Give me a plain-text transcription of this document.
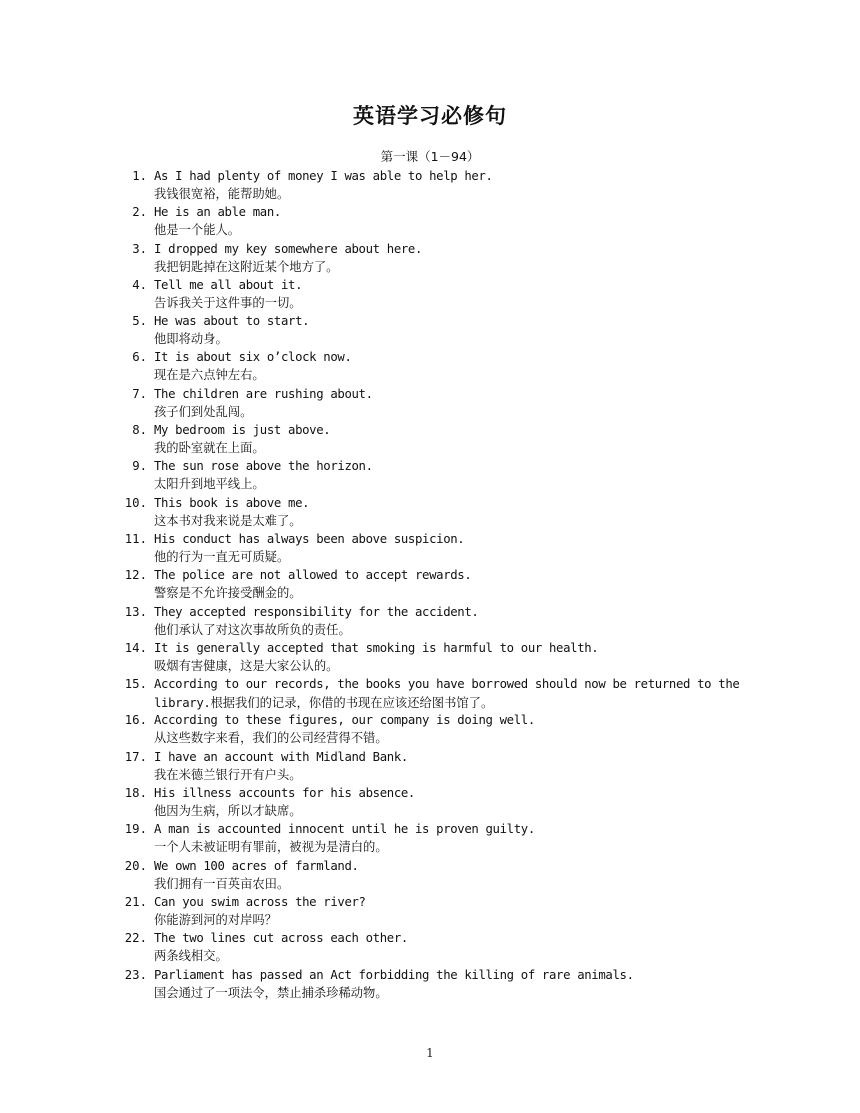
英语学习必修句
第一课（1－94）
1. As I had plenty of money I was able to help her.
我钱很宽裕，能帮助她。
2. He is an able man.
他是一个能人。
3. I dropped my key somewhere about here.
我把钥匙掉在这附近某个地方了。
4. Tell me all about it.
告诉我关于这件事的一切。
5. He was about to start.
他即将动身。
6. It is about six o’clock now.
现在是六点钟左右。
7. The children are rushing about.
孩子们到处乱闯。
8. My bedroom is just above.
我的卧室就在上面。
9. The sun rose above the horizon.
太阳升到地平线上。
10. This book is above me.
这本书对我来说是太难了。
11. His conduct has always been above suspicion.
他的行为一直无可质疑。
12. The police are not allowed to accept rewards.
警察是不允许接受酬金的。
13. They accepted responsibility for the accident.
他们承认了对这次事故所负的责任。
14. It is generally accepted that smoking is harmful to our health.
吸烟有害健康，这是大家公认的。
15. According to our records, the books you have borrowed should now be returned to the
library.根据我们的记录，你借的书现在应该还给图书馆了。
16. According to these figures, our company is doing well.
从这些数字来看，我们的公司经营得不错。
17. I have an account with Midland Bank.
我在米德兰银行开有户头。
18. His illness accounts for his absence.
他因为生病，所以才缺席。
19. A man is accounted innocent until he is proven guilty.
一个人未被证明有罪前，被视为是清白的。
20. We own 100 acres of farmland.
我们拥有一百英亩农田。
21. Can you swim across the river?
你能游到河的对岸吗？
22. The two lines cut across each other.
两条线相交。
23. Parliament has passed an Act forbidding the killing of rare animals.
国会通过了一项法令，禁止捕杀珍稀动物。
1
